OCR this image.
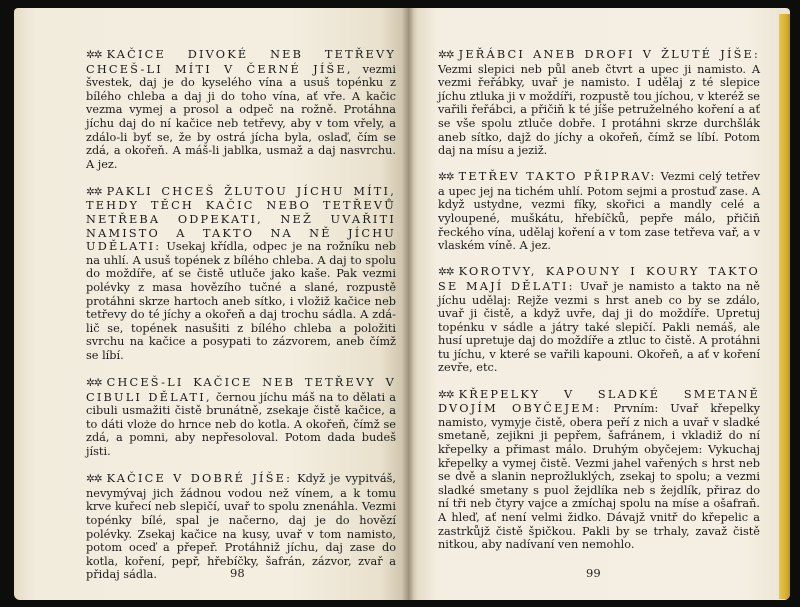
✲✲ KAČICE DIVOKÉ NEB TETŘEVY CHCEŠ-LI MÍTI V ČERNÉ JÍŠE, vezmi švestek, daj je do kyselého vína a usuš topénku z bílého chleba a daj ji do toho vína, ať vře. A kačic vezma vymej a prosol a odpeč na rožně. Protáhna jíchu daj do ní kačice neb tetřevy, aby v tom vřely, a zdálo-li byť se, že by ostrá jícha byla, oslaď, čím se zdá, a okořeň. A máš-li jablka, usmaž a daj nasvrchu. A jez.

✲✲ PAKLI CHCEŠ ŽLUTOU JÍCHU MÍTI, TEHDY TĚCH KAČIC NEBO TETŘEVŮ NETŘEBA ODPEKATI, NEŽ UVAŘITI NAMISTO A TAKTO NA NĚ JÍCHU UDĚLATI: Usekaj křídla, odpec je na rožníku neb na uhlí. A usuš topének z bílého chleba. A daj to spolu do moždíře, ať se čistě utluče jako kaše. Pak vezmi polévky z masa hovězího tučné a slané, rozpustě protáhni skrze hartoch aneb sítko, i vložiž kačice neb tetřevy do té jíchy a okořeň a daj trochu sádla. A zdá-lič se, topének nasušiti z bílého chleba a položiti svrchu na kačice a posypati to zázvorem, aneb čímž se líbí.

✲✲ CHCEŠ-LI KAČICE NEB TETŘEVY V CIBULI DĚLATI, černou jíchu máš na to dělati a cibuli usmažiti čistě brunátně, zsekaje čistě kačice, a to dáti vloże do hrnce neb do kotla. A okořeň, čímž se zdá, a pomni, aby nepřesoloval. Potom dada budeš jísti.

✲✲ KAČICE V DOBRÉ JÍŠE: Když je vypitváš, nevymývaj jich žádnou vodou než vínem, a k tomu krve kuřecí neb slepičí, uvař to spolu znenáhla. Vezmi topénky bílé, spal je načerno, daj je do hovězí polévky. Zsekaj kačice na kusy, uvař v tom namisto, potom oceď a přepeř. Protáhniž jíchu, daj zase do kotla, koření, pepř, hřebíčky, šafrán, zázvor, zvař a přidaj sádla.	98

✲✲ JEŘÁBCI ANEB DROFI V ŽLUTÉ JÍŠE: Vezmi slepici neb půl aneb čtvrt a upec ji namisto. A vezmi řeřábky, uvař je namisto. I udělaj z té slepice jíchu ztluka ji v moždíři, rozpustě tou jíchou, v kteréž se vařili řeřábci, a přičiň k té jíše petruželného koření a ať se vše spolu ztluče dobře. I protáhni skrze durchšlák aneb sítko, dajž do jíchy a okořeň, čímž se líbí. Potom daj na mísu a jeziž.

✲✲ TETŘEV TAKTO PŘIPRAV: Vezmi celý tetřev a upec jej na tichém uhlí. Potom sejmi a prostuď zase. A když ustydne, vezmi fíky, skořici a mandly celé a vyloupené, muškátu, hřebíčků, pepře málo, přičiň řeckého vína, udělaj koření a v tom zase tetřeva vař, a v vlaském víně. A jez.

✲✲ KOROTVY, KAPOUNY I KOURY TAKTO SE MAJÍ DĚLATI: Uvař je namisto a takto na ně jíchu udělaj: Rejže vezmi s hrst aneb co by se zdálo, uvař ji čistě, a když uvře, daj ji do moždíře. Upretuj topénku v sádle a játry také slepičí. Pakli nemáš, ale husí upretuje daj do moždíře a ztluc to čistě. A protáhni tu jíchu, v které se vařili kapouni. Okořeň, a ať v koření zevře, etc.

✲✲ KŘEPELKY V SLADKÉ SMETANĚ DVOJÍM OBYČEJEM: Prvním: Uvař křepelky namisto, vymyje čistě, obera peří z nich a uvař v sladké smetaně, zejikni ji pepřem, šafránem, i vkladiž do ní křepelky a přimast málo. Druhým obyčejem: Vykuchaj křepelky a vymej čistě. Vezmi jahel vařených s hrst neb se dvě a slanin neprožluklých, zsekaj to spolu; a vezmi sladké smetany s puol žejdlíka neb s žejdlík, přiraz do ní tři neb čtyry vajce a zmíchaj spolu na míse a ošafraň. A hleď, ať není velmi židko. Dávajž vnitř do křepelic a zastrkůjž čistě špičkou. Pakli by se trhaly, zavaž čistě nitkou, aby nadívaní ven nemohlo.

99
